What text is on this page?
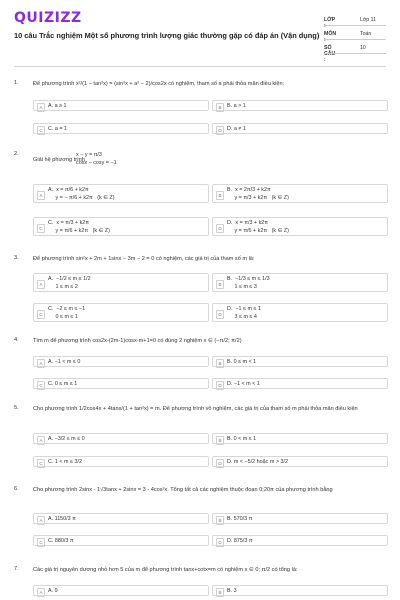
QUIZIZZ
10 câu Trắc nghiệm Một số phương trình lượng giác thường gặp có đáp án (Vận dụng)
LỚP :
Lớp 11
MÔN :
Toán
SỐ CÂU :
10
1.	Để phương trình x²/(1 − tan²x) = (sin²x + a² − 2)/cos2x có nghiệm, tham số a phải thỏa mãn điều kiện:
A	A. a ≥ 1	B	B. a > 1
C C. a = 1	D D. a ≠ 1
2.
Giải hệ phương trình
x − y = π/3
cosx − cosy = −1
A
A.  x = π/6 + k2π
y = − π/6 + k2π   (k ∈ Z)	B
B.  x = 2π/3 + k2π
y = π/3 + k2π   (k ∈ Z)
C
C.  x = π/3 + k2π
y = π/6 + k2π   (k ∈ Z)	D
D.  x = π/3 + k2π
y = π/6 + k2π   (k ∈ Z)
3.	Để phương trình sin²x + 2m + 1sinx − 3m − 2 = 0 có nghiệm, các giá trị của tham số m là:
A
A.  −1/2 ≤ m ≤ 1/2
1 ≤ m ≤ 2	B
B.  −1/3 ≤ m ≤ 1/3
1 ≤ m ≤ 3
C
C.  −2 ≤ m ≤ −1
0 ≤ m ≤ 1	D
D.  −1 ≤ m ≤ 1
3 ≤ m ≤ 4
4.	Tìm m để phương trình cos2x-(2m-1)cosx-m+1=0 có đúng 2 nghiệm x ∈ (−π/2; π/2)
A	A. −1 < m ≤ 0	B	B. 0 ≤ m < 1
C C. 0 ≤ m ≤ 1	D D. −1 < m < 1
5.	Cho phương trình 1/2cos4x + 4tanx/(1 + tan²x) = m. Để phương trình vô nghiệm, các giá trị của tham số m phải thỏa mãn điều kiện
A	A. −3/2 ≤ m ≤ 0	B	B. 0 < m ≤ 1
C C. 1 < m ≤ 3/2	D D. m < −5/2 hoặc m > 3/2
6.	Cho phương trình 2sinx - 1√3tanx + 2sinx = 3 - 4cos²x. Tổng tất cả các nghiệm thuộc đoạn 0;20π của phương trình bằng
A	A. 1150/3 π	B	B. 570/3 π
C C. 880/3 π	D D. 875/3 π
7.	Các giá trị nguyên dương nhỏ hơn 5 của m để phương trình tanx+cotx=m có nghiệm x ∈ 0; π/2 có tổng là:
A	A. 9	B	B. 3
